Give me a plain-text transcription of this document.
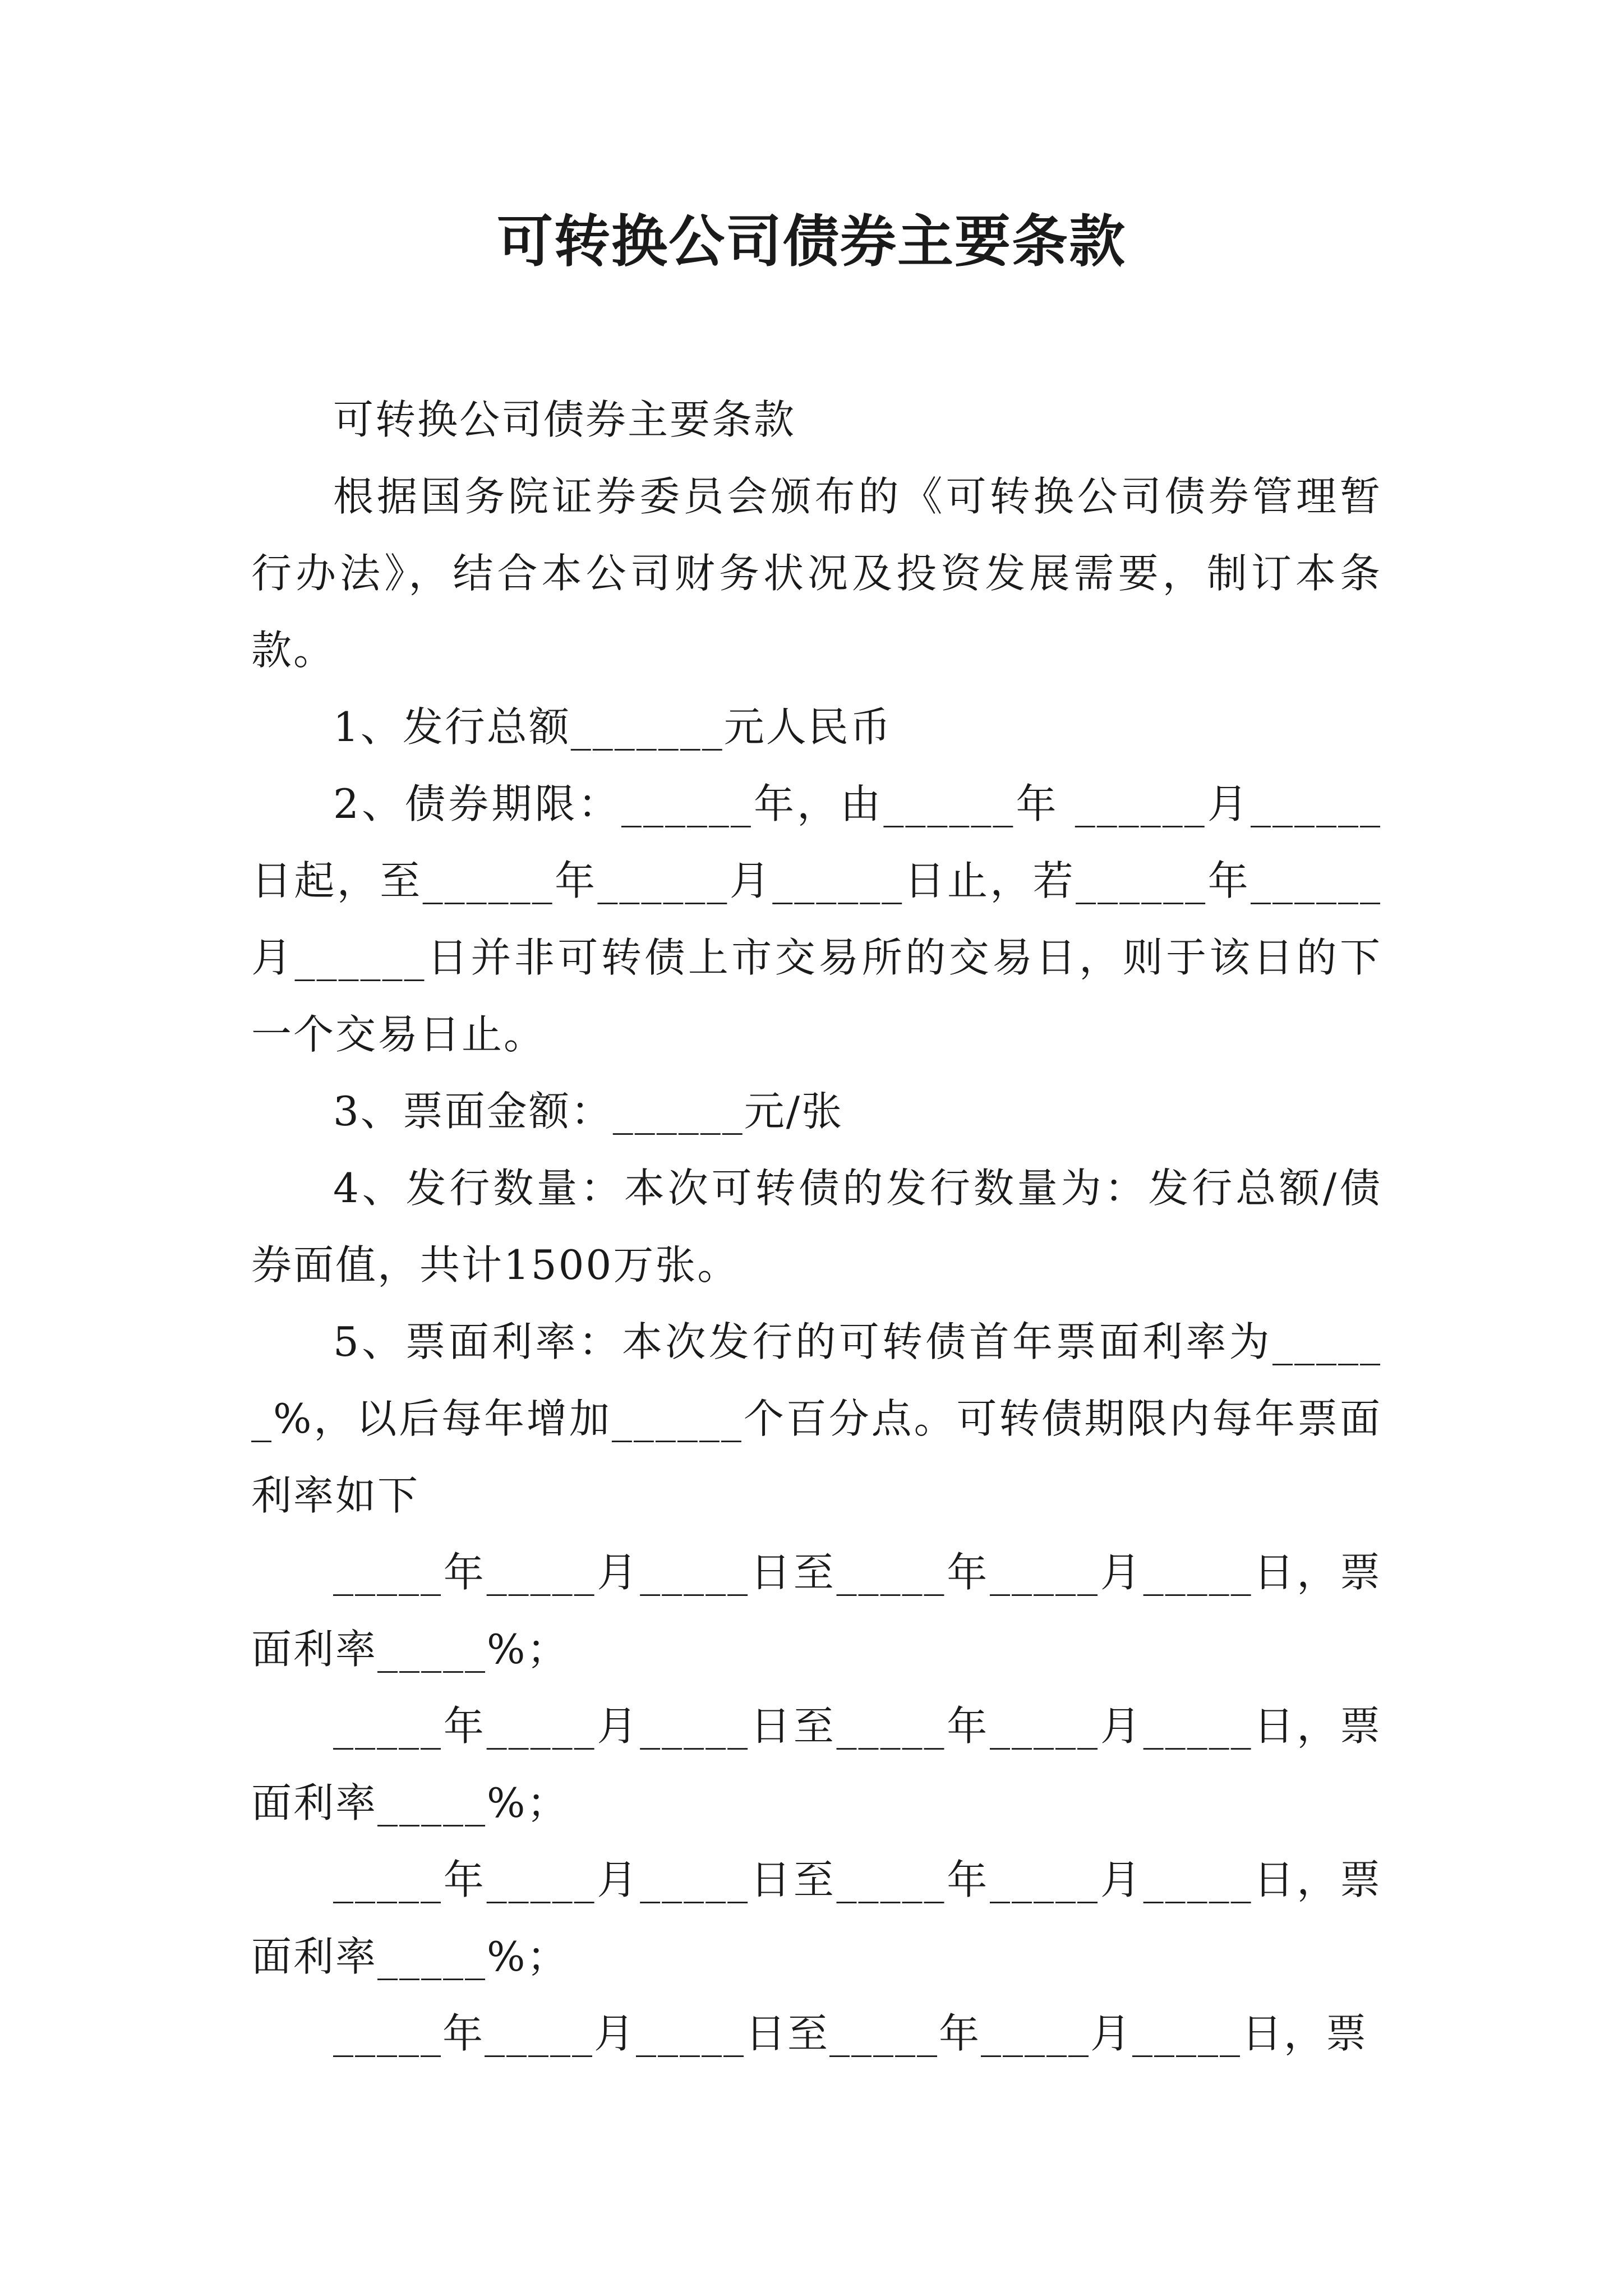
可转换公司债券主要条款

可转换公司债券主要条款

根据国务院证券委员会颁布的《可转换公司债券管理暂行办法》，结合本公司财务状况及投资发展需要，制订本条款。

1、发行总额_______元人民币

2、债券期限：______年，由______年 ______月______日起，至______年______月______日止，若______年______月______日并非可转债上市交易所的交易日，则于该日的下一个交易日止。

3、票面金额：______元/张

4、发行数量：本次可转债的发行数量为：发行总额/债券面值，共计1500万张。

5、票面利率：本次发行的可转债首年票面利率为______%，以后每年增加______个百分点。可转债期限内每年票面利率如下

_____年_____月_____日至_____年_____月_____日，票面利率_____%；

_____年_____月_____日至_____年_____月_____日，票面利率_____%；

_____年_____月_____日至_____年_____月_____日，票面利率_____%；

_____年_____月_____日至_____年_____月_____日，票
